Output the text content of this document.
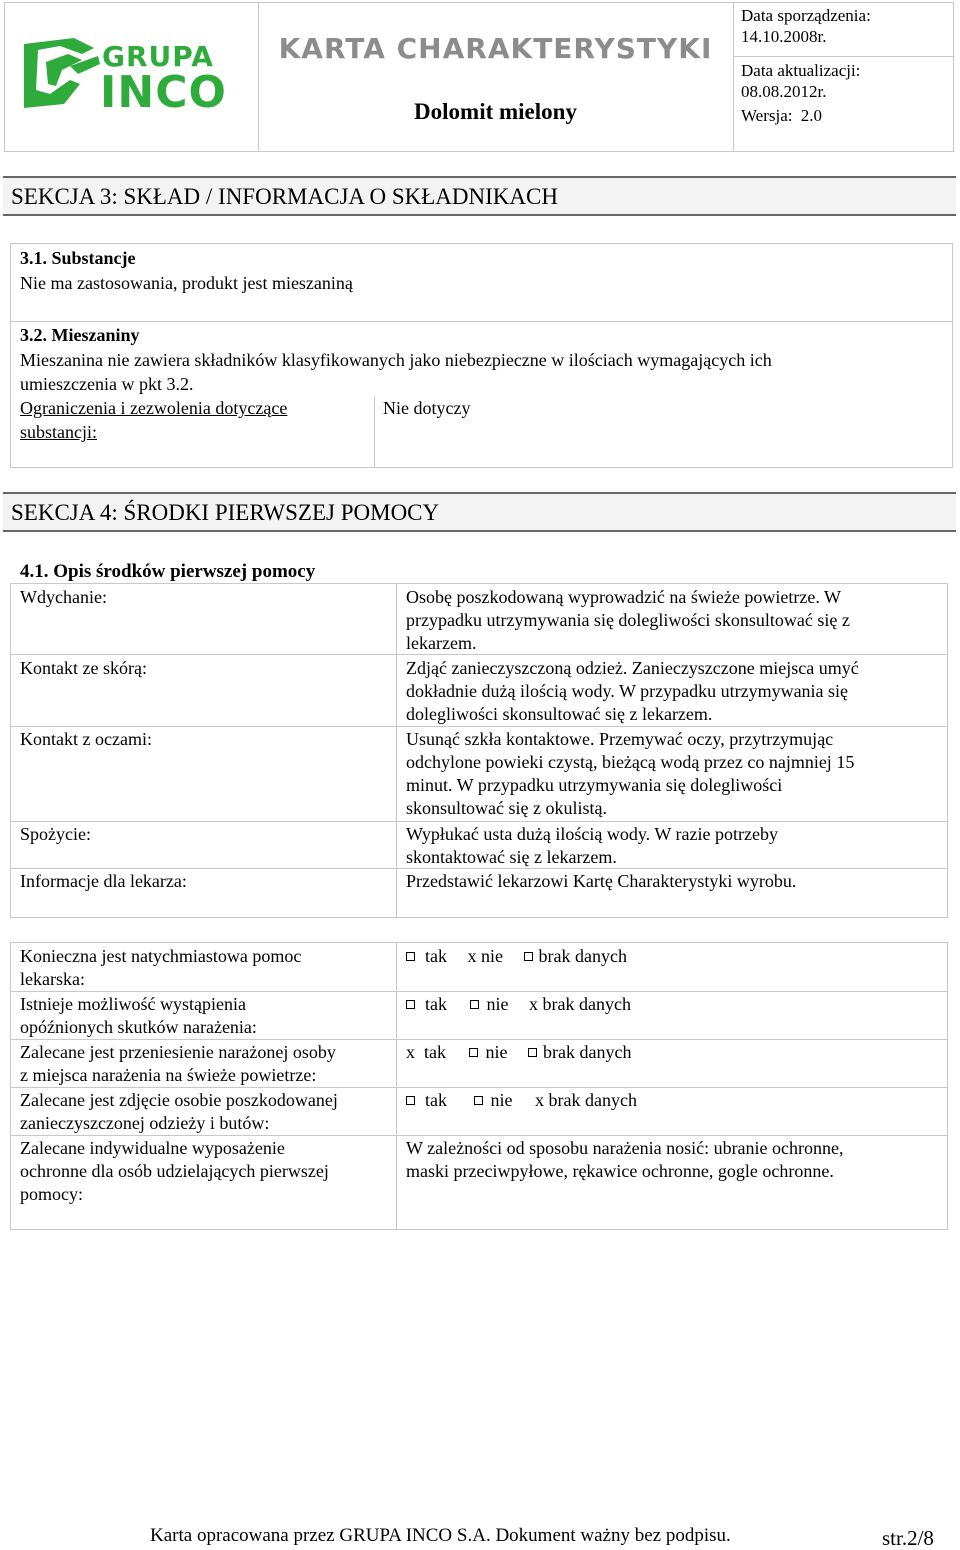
GRUPA
INCO
KARTA CHARAKTERYSTYKI
Dolomit mielony
Data sporządzenia:
14.10.2008r.
Data aktualizacji:
08.08.2012r.
Wersja: 2.0
SEKCJA 3: SKŁAD / INFORMACJA O SKŁADNIKACH
3.1. Substancje
Nie ma zastosowania, produkt jest mieszaniną
3.2. Mieszaniny
Mieszanina nie zawiera składników klasyfikowanych jako niebezpieczne w ilościach wymagających ich
umieszczenia w pkt 3.2.
Ograniczenia i zezwolenia dotyczące
substancji:
Nie dotyczy
SEKCJA 4: ŚRODKI PIERWSZEJ POMOCY
4.1. Opis środków pierwszej pomocy
Wdychanie:	Osobę poszkodowaną wyprowadzić na świeże powietrze. W
przypadku utrzymywania się dolegliwości skonsultować się z
lekarzem.
Kontakt ze skórą:	Zdjąć zanieczyszczoną odzież. Zanieczyszczone miejsca umyć
dokładnie dużą ilością wody. W przypadku utrzymywania się
dolegliwości skonsultować się z lekarzem.
Kontakt z oczami:	Usunąć szkła kontaktowe. Przemywać oczy, przytrzymując
odchylone powieki czystą, bieżącą wodą przez co najmniej 15
minut. W przypadku utrzymywania się dolegliwości
skonsultować się z okulistą.
Spożycie:	Wypłukać usta dużą ilością wody. W razie potrzeby
skontaktować się z lekarzem.
Informacje dla lekarza:	Przedstawić lekarzowi Kartę Charakterystyki wyrobu.
Konieczna jest natychmiastowa pomoc
lekarska:
tak x nie brak danych
Istnieje możliwość wystąpienia
opóźnionych skutków narażenia:
tak nie x brak danych
Zalecane jest przeniesienie narażonej osoby
z miejsca narażenia na świeże powietrze:
x  tak nie brak danych
Zalecane jest zdjęcie osobie poszkodowanej
zanieczyszczonej odzieży i butów:
tak nie x brak danych
Zalecane indywidualne wyposażenie
ochronne dla osób udzielających pierwszej
pomocy:
W zależności od sposobu narażenia nosić: ubranie ochronne,
maski przeciwpyłowe, rękawice ochronne, gogle ochronne.
Karta opracowana przez GRUPA INCO S.A. Dokument ważny bez podpisu.	str.2/8
